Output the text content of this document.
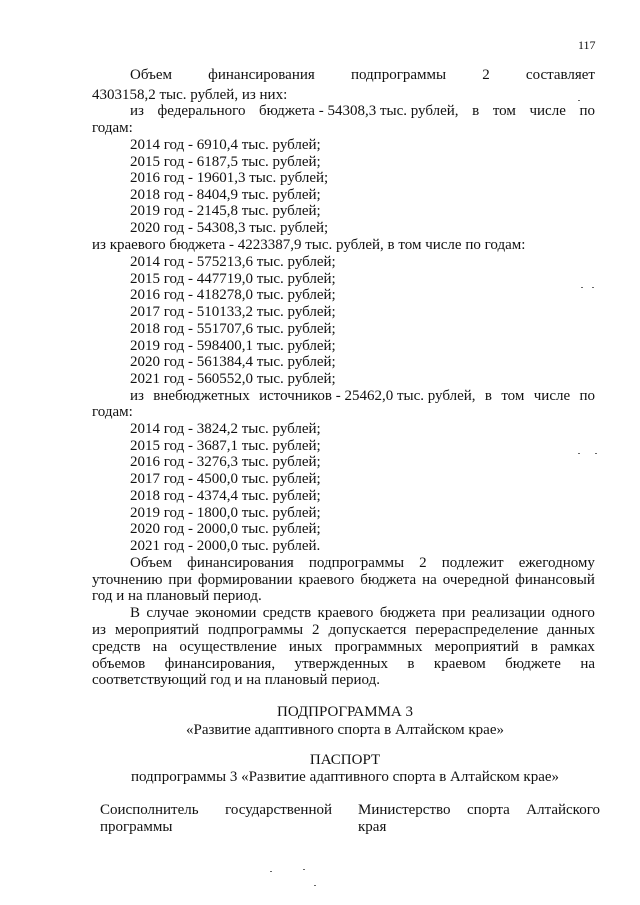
117
Объем финансирования подпрограммы 2 составляет
4303158,2 тыс. рублей, из них:
из федерального бюджета - 54308,3 тыс. рублей, в том числе по
годам:
2014 год - 6910,4 тыс. рублей;
2015 год - 6187,5 тыс. рублей;
2016 год - 19601,3 тыс. рублей;
2018 год - 8404,9 тыс. рублей;
2019 год - 2145,8 тыс. рублей;
2020 год - 54308,3 тыс. рублей;
из краевого бюджета - 4223387,9 тыс. рублей, в том числе по годам:
2014 год - 575213,6 тыс. рублей;
2015 год - 447719,0 тыс. рублей;
2016 год - 418278,0 тыс. рублей;
2017 год - 510133,2 тыс. рублей;
2018 год - 551707,6 тыс. рублей;
2019 год - 598400,1 тыс. рублей;
2020 год - 561384,4 тыс. рублей;
2021 год - 560552,0 тыс. рублей;
из внебюджетных источников - 25462,0 тыс. рублей, в том числе по
годам:
2014 год - 3824,2 тыс. рублей;
2015 год - 3687,1 тыс. рублей;
2016 год - 3276,3 тыс. рублей;
2017 год - 4500,0 тыс. рублей;
2018 год - 4374,4 тыс. рублей;
2019 год - 1800,0 тыс. рублей;
2020 год - 2000,0 тыс. рублей;
2021 год - 2000,0 тыс. рублей.
Объем финансирования подпрограммы 2 подлежит ежегодному
уточнению при формировании краевого бюджета на очередной финансовый
год и на плановый период.
В случае экономии средств краевого бюджета при реализации одного
из мероприятий подпрограммы 2 допускается перераспределение данных
средств на осуществление иных программных мероприятий в рамках
объемов финансирования, утвержденных в краевом бюджете на
соответствующий год и на плановый период.
ПОДПРОГРАММА 3
«Развитие адаптивного спорта в Алтайском крае»
ПАСПОРТ
подпрограммы 3 «Развитие адаптивного спорта в Алтайском крае»
Соисполнитель государственной
программы
Министерство спорта Алтайского
края
